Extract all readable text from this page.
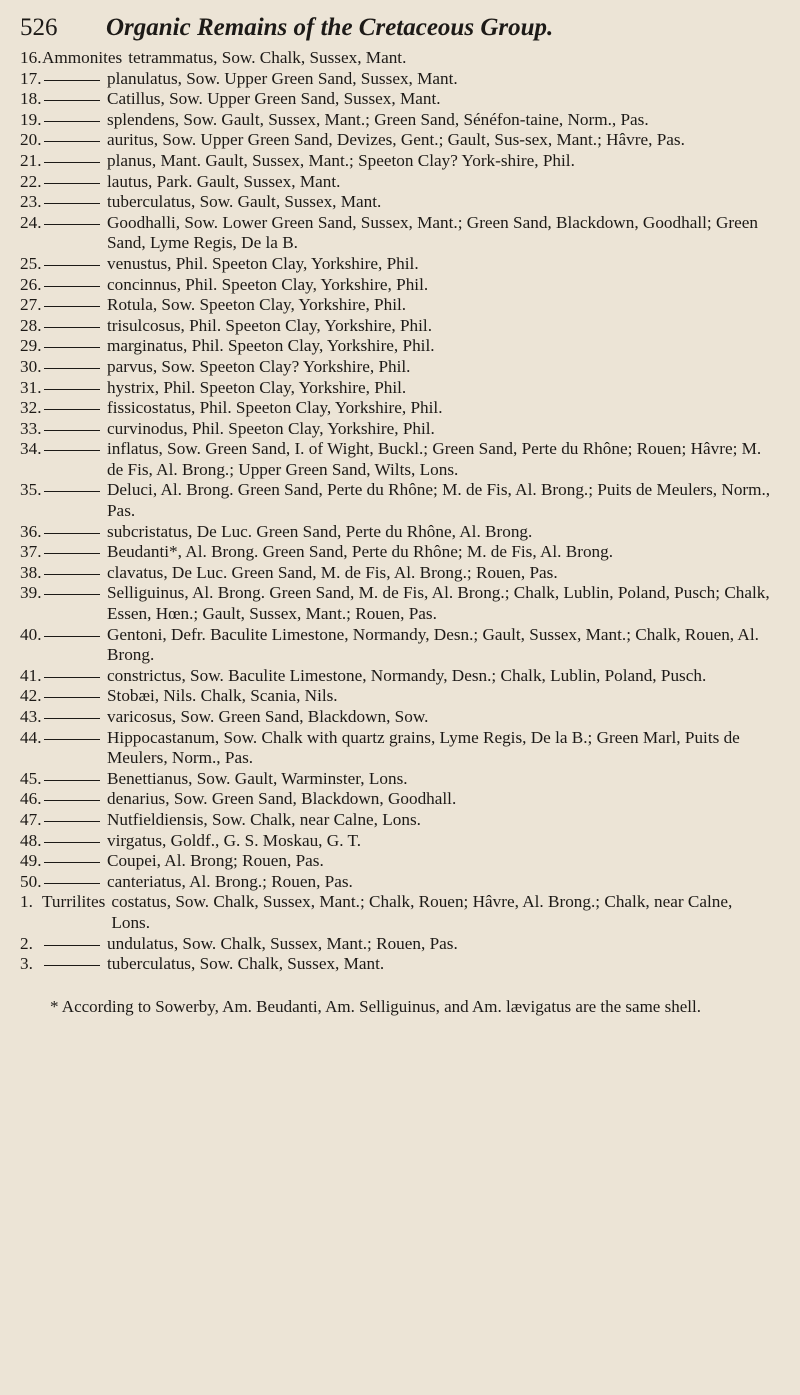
526	Organic Remains of the Cretaceous Group.
16. Ammonites tetrammatus, Sow. Chalk, Sussex, Mant.
17.	planulatus, Sow. Upper Green Sand, Sussex, Mant.
18.	Catillus, Sow. Upper Green Sand, Sussex, Mant.
19.	splendens, Sow. Gault, Sussex, Mant.; Green Sand, Sénéfon-taine, Norm., Pas.
20.	auritus, Sow. Upper Green Sand, Devizes, Gent.; Gault, Sus-sex, Mant.; Hâvre, Pas.
21.	planus, Mant. Gault, Sussex, Mant.; Speeton Clay? York-shire, Phil.
22.	lautus, Park. Gault, Sussex, Mant.
23.	tuberculatus, Sow. Gault, Sussex, Mant.
24.	Goodhalli, Sow. Lower Green Sand, Sussex, Mant.; Green Sand, Blackdown, Goodhall; Green Sand, Lyme Regis, De la B.
25.	venustus, Phil. Speeton Clay, Yorkshire, Phil.
26.	concinnus, Phil. Speeton Clay, Yorkshire, Phil.
27.	Rotula, Sow. Speeton Clay, Yorkshire, Phil.
28.	trisulcosus, Phil. Speeton Clay, Yorkshire, Phil.
29.	marginatus, Phil. Speeton Clay, Yorkshire, Phil.
30.	parvus, Sow. Speeton Clay? Yorkshire, Phil.
31.	hystrix, Phil. Speeton Clay, Yorkshire, Phil.
32.	fissicostatus, Phil. Speeton Clay, Yorkshire, Phil.
33.	curvinodus, Phil. Speeton Clay, Yorkshire, Phil.
34.	inflatus, Sow. Green Sand, I. of Wight, Buckl.; Green Sand, Perte du Rhône; Rouen; Hâvre; M. de Fis, Al. Brong.; Upper Green Sand, Wilts, Lons.
35.	Deluci, Al. Brong. Green Sand, Perte du Rhône; M. de Fis, Al. Brong.; Puits de Meulers, Norm., Pas.
36.	subcristatus, De Luc. Green Sand, Perte du Rhône, Al. Brong.
37.	Beudanti*, Al. Brong. Green Sand, Perte du Rhône; M. de Fis, Al. Brong.
38.	clavatus, De Luc. Green Sand, M. de Fis, Al. Brong.; Rouen, Pas.
39.	Selliguinus, Al. Brong. Green Sand, M. de Fis, Al. Brong.; Chalk, Lublin, Poland, Pusch; Chalk, Essen, Hœn.; Gault, Sussex, Mant.; Rouen, Pas.
40.	Gentoni, Defr. Baculite Limestone, Normandy, Desn.; Gault, Sussex, Mant.; Chalk, Rouen, Al. Brong.
41.	constrictus, Sow. Baculite Limestone, Normandy, Desn.; Chalk, Lublin, Poland, Pusch.
42.	Stobæi, Nils. Chalk, Scania, Nils.
43.	varicosus, Sow. Green Sand, Blackdown, Sow.
44.	Hippocastanum, Sow. Chalk with quartz grains, Lyme Regis, De la B.; Green Marl, Puits de Meulers, Norm., Pas.
45.	Benettianus, Sow. Gault, Warminster, Lons.
46.	denarius, Sow. Green Sand, Blackdown, Goodhall.
47.	Nutfieldiensis, Sow. Chalk, near Calne, Lons.
48.	virgatus, Goldf., G. S. Moskau, G. T.
49.	Coupei, Al. Brong; Rouen, Pas.
50.	canteriatus, Al. Brong.; Rouen, Pas.
1. Turrilites costatus, Sow. Chalk, Sussex, Mant.; Chalk, Rouen; Hâvre, Al. Brong.; Chalk, near Calne, Lons.
2.	undulatus, Sow. Chalk, Sussex, Mant.; Rouen, Pas.
3.	tuberculatus, Sow. Chalk, Sussex, Mant.
* According to Sowerby, Am. Beudanti, Am. Selliguinus, and Am. lævigatus are the same shell.
